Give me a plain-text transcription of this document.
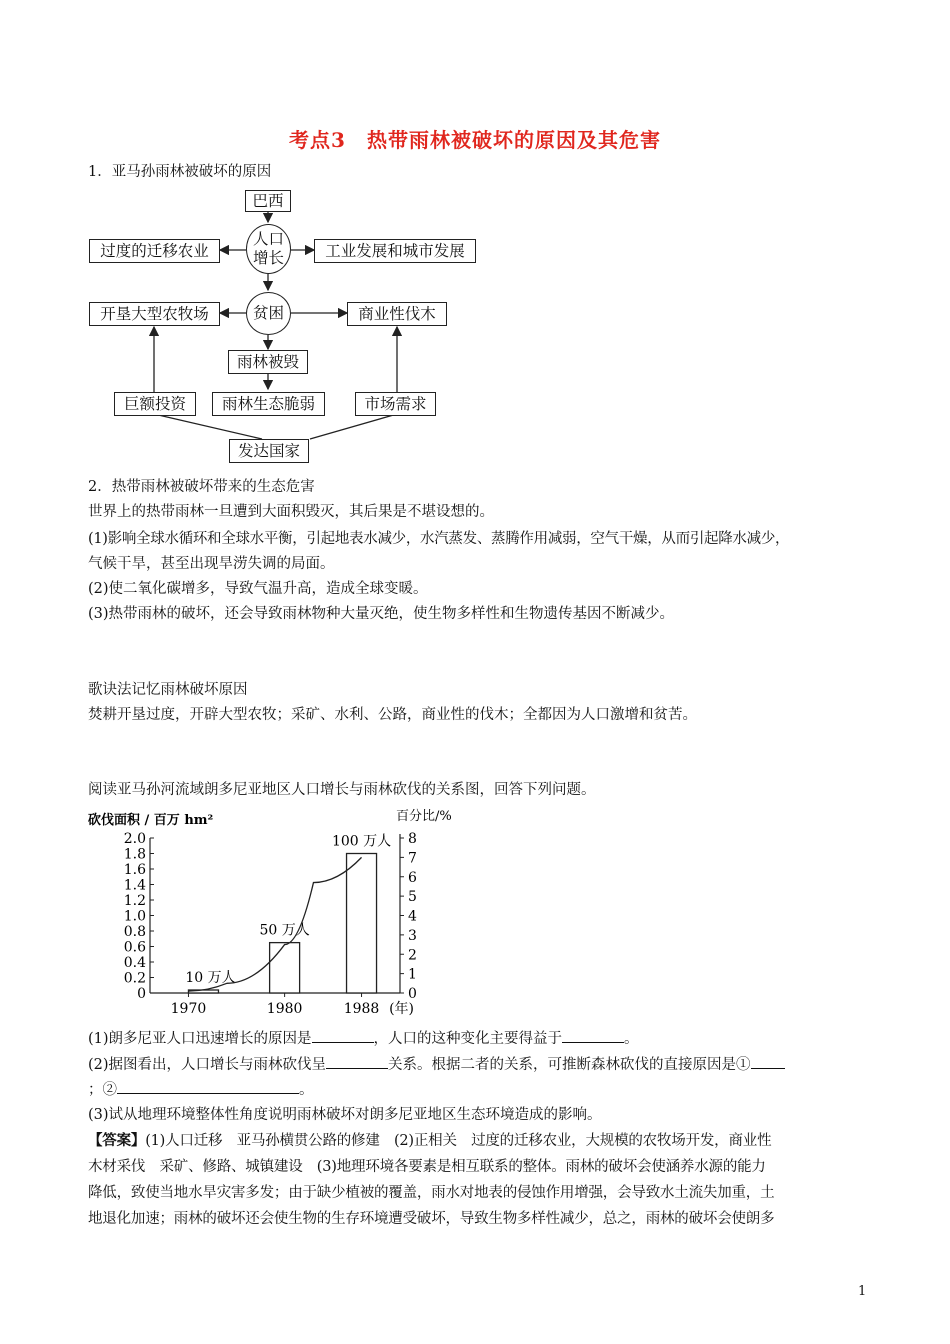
考点3　热带雨林被破坏的原因及其危害
1．亚马孙雨林被破坏的原因
巴西
人口
增长
过度的迁移农业	工业发展和城市发展
贫困
开垦大型农牧场	商业性伐木
雨林被毁
巨额投资	雨林生态脆弱	市场需求
发达国家
2．热带雨林被破坏带来的生态危害
世界上的热带雨林一旦遭到大面积毁灭，其后果是不堪设想的。
(1)影响全球水循环和全球水平衡，引起地表水减少，水汽蒸发、蒸腾作用减弱，空气干燥，从而引起降水减少，
气候干旱，甚至出现旱涝失调的局面。
(2)使二氧化碳增多，导致气温升高，造成全球变暖。
(3)热带雨林的破坏，还会导致雨林物种大量灭绝，使生物多样性和生物遗传基因不断减少。
歌诀法记忆雨林破坏原因
焚耕开垦过度，开辟大型农牧；采矿、水利、公路，商业性的伐木；全都因为人口激增和贫苦。
阅读亚马孙河流域朗多尼亚地区人口增长与雨林砍伐的关系图，回答下列问题。
砍伐面积 / 百万 hm²	百分比/%
2.0
1.8
1.6
1.4
1.2
1.0
0.8
0.6
0.4
0.2
0
8
7
6
5
4
3
2
1
0
10 万人
50 万人
100 万人
1970	1980	1988 (年)
(1)朗多尼亚人口迅速增长的原因是	，人口的这种变化主要得益于	。
(2)据图看出，人口增长与雨林砍伐呈	关系。根据二者的关系，可推断森林砍伐的直接原因是①
；②	。
(3)试从地理环境整体性角度说明雨林破坏对朗多尼亚地区生态环境造成的影响。
【答案】(1)人口迁移　亚马孙横贯公路的修建　(2)正相关　过度的迁移农业，大规模的农牧场开发，商业性
木材采伐　采矿、修路、城镇建设　(3)地理环境各要素是相互联系的整体。雨林的破坏会使涵养水源的能力
降低，致使当地水旱灾害多发；由于缺少植被的覆盖，雨水对地表的侵蚀作用增强，会导致水土流失加重，土
地退化加速；雨林的破坏还会使生物的生存环境遭受破坏，导致生物多样性减少，总之，雨林的破坏会使朗多
1
